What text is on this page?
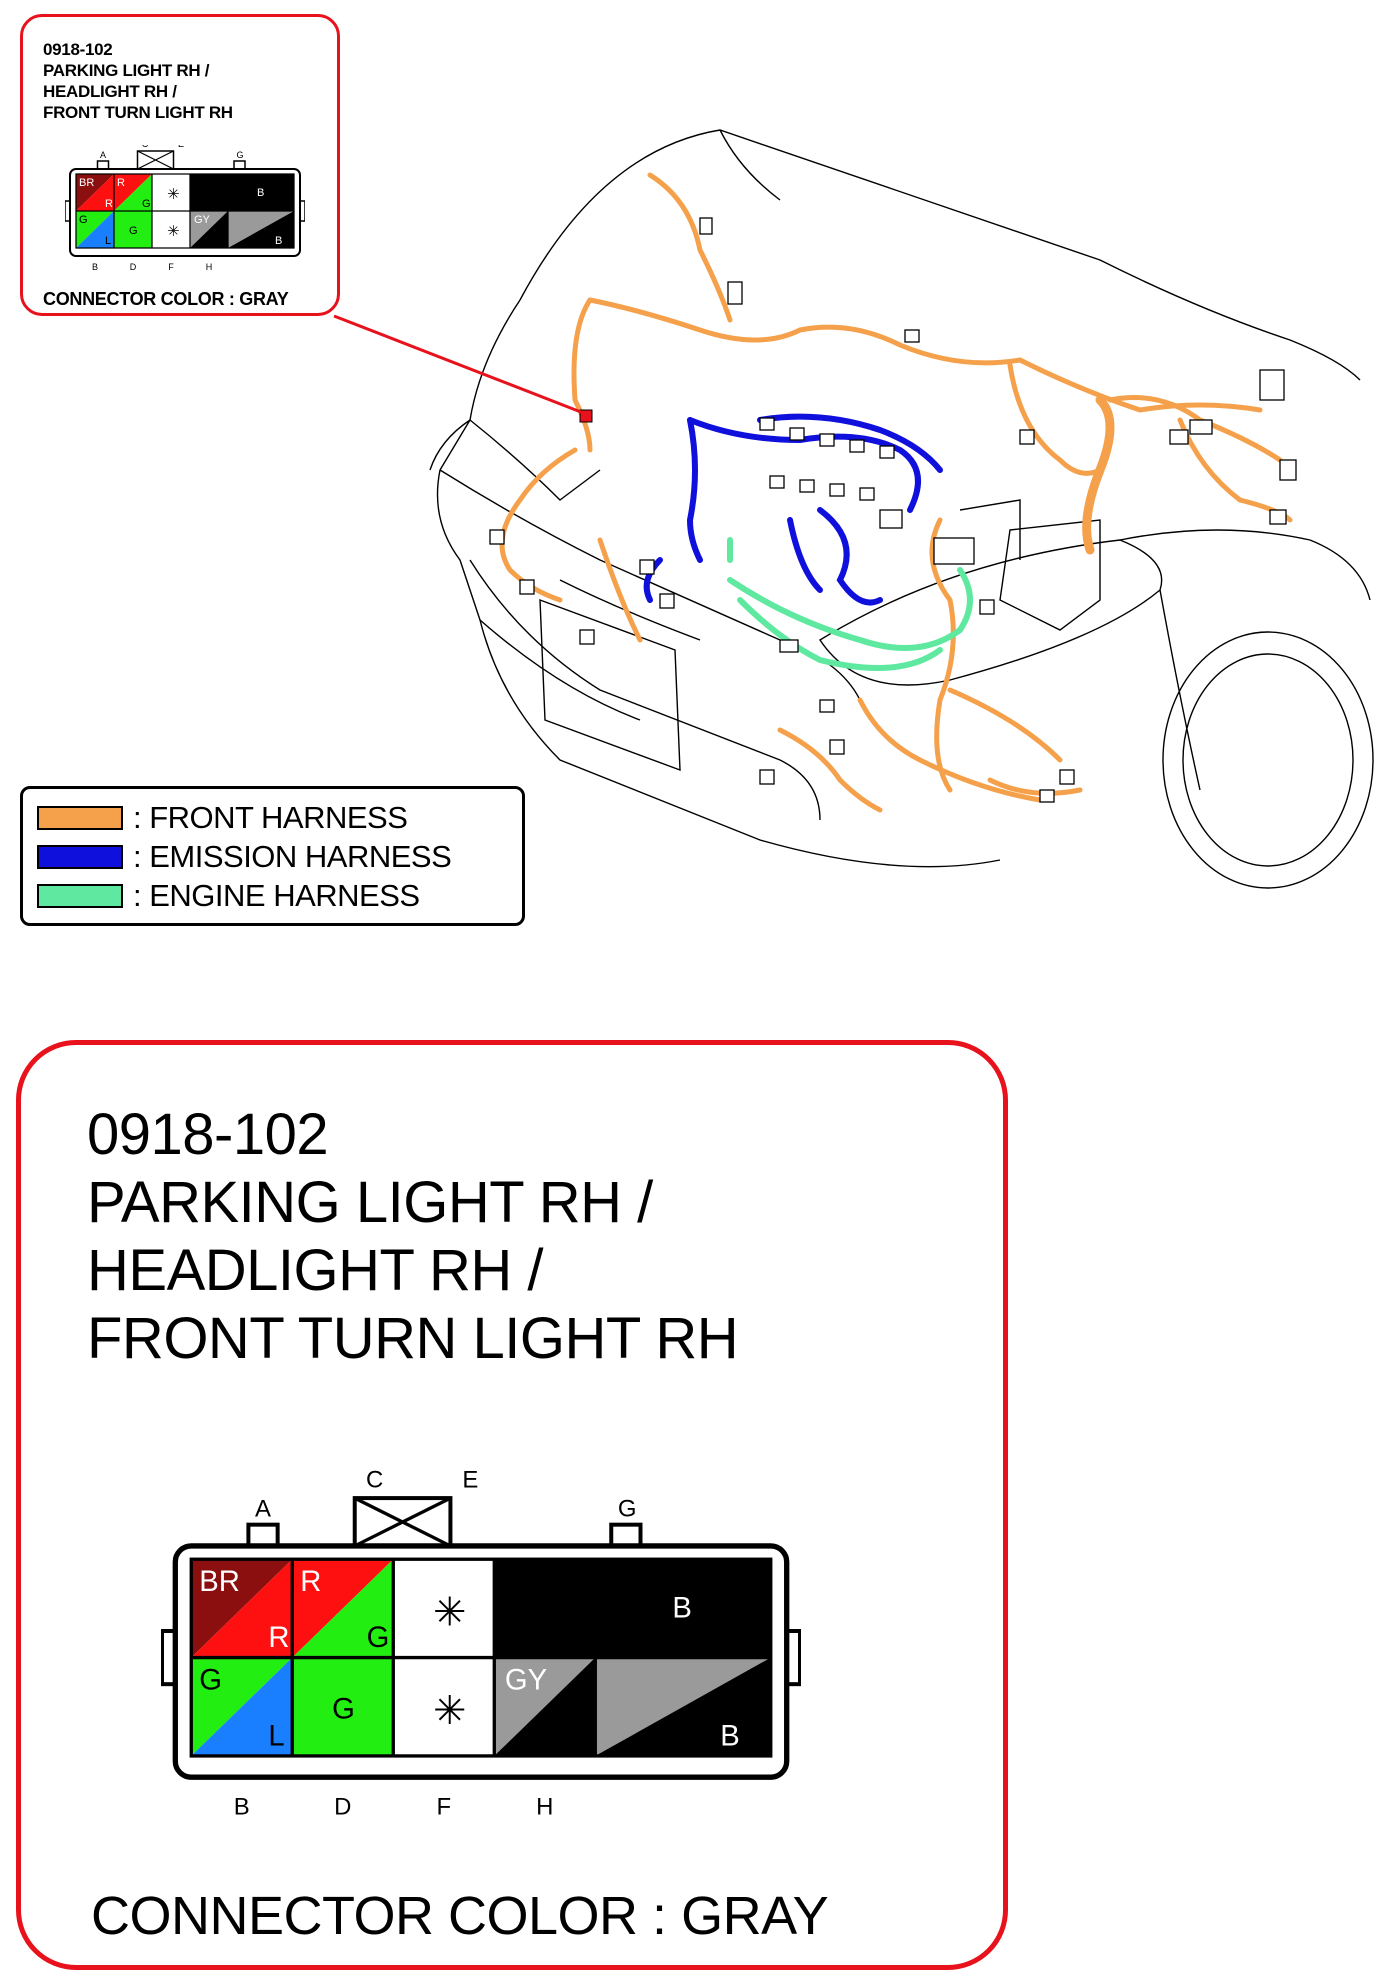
0918-102
PARKING LIGHT RH /
HEADLIGHT RH /
FRONT TURN LIGHT RH
CONNECTOR COLOR : GRAY
: FRONT HARNESS
: EMISSION HARNESS
: ENGINE HARNESS
0918-102
PARKING LIGHT RH /
HEADLIGHT RH /
FRONT TURN LIGHT RH
BR
R
R
G
G
L
G
B
GY
B
✳
✳
A
C	E
G
B	D	F	H
CONNECTOR COLOR : GRAY
